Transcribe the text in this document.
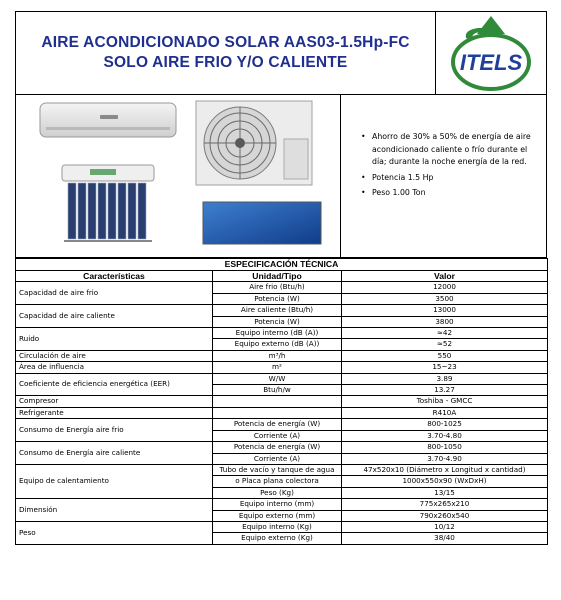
AIRE ACONDICIONADO SOLAR AAS03-1.5Hp-FC
SOLO AIRE FRIO Y/O CALIENTE	ITELS
• Ahorro de 30% a 50% de energía de aire acondicionado caliente o frío durante el día; durante la noche energía de la red.
• Potencia 1.5 Hp
• Peso 1.00 Ton
ESPECIFICACIÓN TÉCNICA		
Características	Unidad/Tipo	Valor
Capacidad de aire frio	Aire frio (Btu/h)	12000
	Potencia (W)	3500
Capacidad de aire caliente	Aire caliente (Btu/h)	13000
	Potencia (W)	3800
Ruido	Equipo interno (dB (A))	≈42
	Equipo externo (dB (A))	≈52
Circulación de aire	m³/h	550
Área de influencia	m²	15~23
Coeficiente de eficiencia energética (EER)	W/W	3.89
	Btu/h/w	13.27
Compresor		Toshiba - GMCC
Refrigerante		R410A
Consumo de Energía aire frio	Potencia de energía (W)	800-1025
	Corriente (A)	3.70-4.80
Consumo de Energía aire caliente	Potencia de energía (W)	800-1050
	Corriente (A)	3.70-4.90
Equipo de calentamiento	Tubo de vacío y tanque de agua	47x520x10 (Diámetro x Longitud x cantidad)
	o Placa plana colectora	1000x550x90 (WxDxH)
	Peso (Kg)	13/15
Dimensión	Equipo interno (mm)	775x265x210
	Equipo externo (mm)	790x260x540
Peso	Equipo interno (Kg)	10/12
	Equipo externo (Kg)	38/40
